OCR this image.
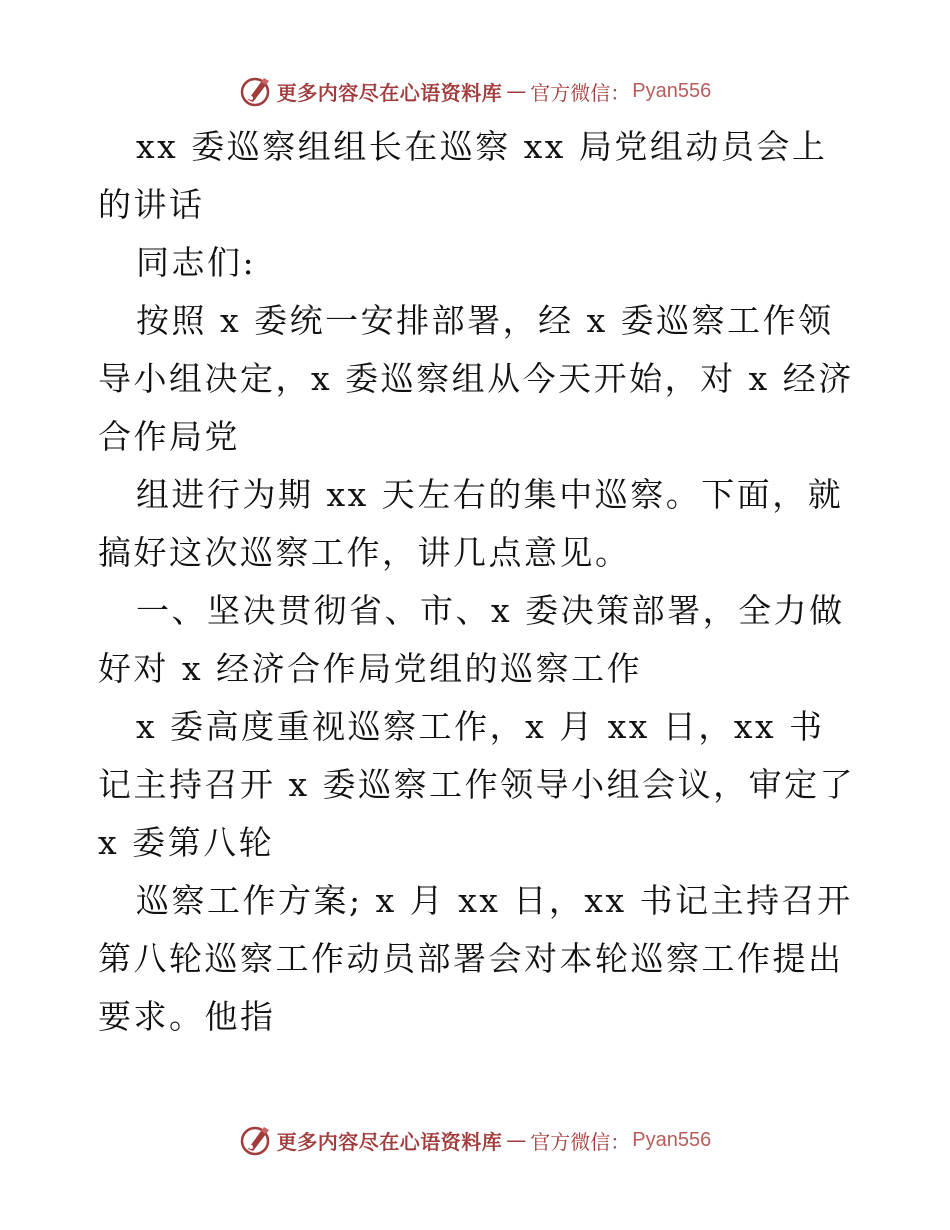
更多内容尽在心语资料库 — 官方微信： Pyan556

xx 委巡察组组长在巡察 xx 局党组动员会上的讲话

同志们:

按照 x 委统一安排部署，经 x 委巡察工作领导小组决定，x 委巡察组从今天开始，对 x 经济合作局党

组进行为期 xx 天左右的集中巡察。下面，就搞好这次巡察工作，讲几点意见。

一、坚决贯彻省、市、x 委决策部署，全力做好对 x 经济合作局党组的巡察工作

x 委高度重视巡察工作，x 月 xx 日，xx 书记主持召开 x 委巡察工作领导小组会议，审定了 x 委第八轮

巡察工作方案; x 月 xx 日，xx 书记主持召开第八轮巡察工作动员部署会对本轮巡察工作提出要求。他指

更多内容尽在心语资料库 — 官方微信： Pyan556
